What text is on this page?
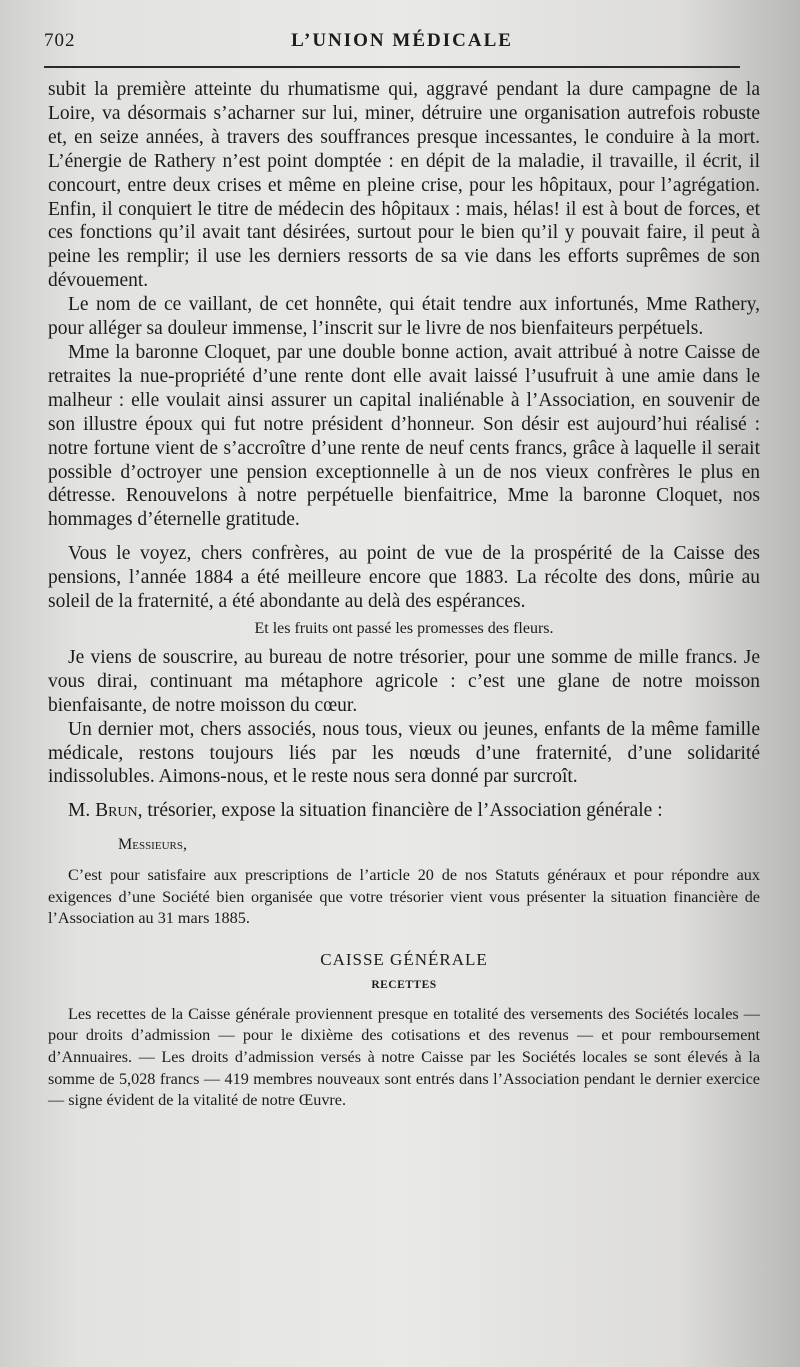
702	L’UNION MÉDICALE

subit la première atteinte du rhumatisme qui, aggravé pendant la dure campagne de la Loire, va désormais s’acharner sur lui, miner, détruire une organisation autrefois robuste et, en seize années, à travers des souffrances presque incessantes, le conduire à la mort. L’énergie de Rathery n’est point domptée : en dépit de la maladie, il travaille, il écrit, il concourt, entre deux crises et même en pleine crise, pour les hôpitaux, pour l’agrégation. Enfin, il conquiert le titre de médecin des hôpitaux : mais, hélas! il est à bout de forces, et ces fonctions qu’il avait tant désirées, surtout pour le bien qu’il y pouvait faire, il peut à peine les remplir; il use les derniers ressorts de sa vie dans les efforts suprêmes de son dévouement.

Le nom de ce vaillant, de cet honnête, qui était tendre aux infortunés, Mme Rathery, pour alléger sa douleur immense, l’inscrit sur le livre de nos bienfaiteurs perpétuels.

Mme la baronne Cloquet, par une double bonne action, avait attribué à notre Caisse de retraites la nue-propriété d’une rente dont elle avait laissé l’usufruit à une amie dans le malheur : elle voulait ainsi assurer un capital inaliénable à l’Association, en souvenir de son illustre époux qui fut notre président d’honneur. Son désir est aujourd’hui réalisé : notre fortune vient de s’accroître d’une rente de neuf cents francs, grâce à laquelle il serait possible d’octroyer une pension exceptionnelle à un de nos vieux confrères le plus en détresse. Renouvelons à notre perpétuelle bienfaitrice, Mme la baronne Cloquet, nos hommages d’éternelle gratitude.

Vous le voyez, chers confrères, au point de vue de la prospérité de la Caisse des pensions, l’année 1884 a été meilleure encore que 1883. La récolte des dons, mûrie au soleil de la fraternité, a été abondante au delà des espérances.

Et les fruits ont passé les promesses des fleurs.

Je viens de souscrire, au bureau de notre trésorier, pour une somme de mille francs. Je vous dirai, continuant ma métaphore agricole : c’est une glane de notre moisson bienfaisante, de notre moisson du cœur.

Un dernier mot, chers associés, nous tous, vieux ou jeunes, enfants de la même famille médicale, restons toujours liés par les nœuds d’une fraternité, d’une solidarité indissolubles. Aimons-nous, et le reste nous sera donné par surcroît.

M. Brun, trésorier, expose la situation financière de l’Association générale :

Messieurs,

C’est pour satisfaire aux prescriptions de l’article 20 de nos Statuts généraux et pour répondre aux exigences d’une Société bien organisée que votre trésorier vient vous présenter la situation financière de l’Association au 31 mars 1885.

CAISSE GÉNÉRALE

RECETTES

Les recettes de la Caisse générale proviennent presque en totalité des versements des Sociétés locales — pour droits d’admission — pour le dixième des cotisations et des revenus — et pour remboursement d’Annuaires. — Les droits d’admission versés à notre Caisse par les Sociétés locales se sont élevés à la somme de 5,028 francs — 419 membres nouveaux sont entrés dans l’Association pendant le dernier exercice — signe évident de la vitalité de notre Œuvre.
